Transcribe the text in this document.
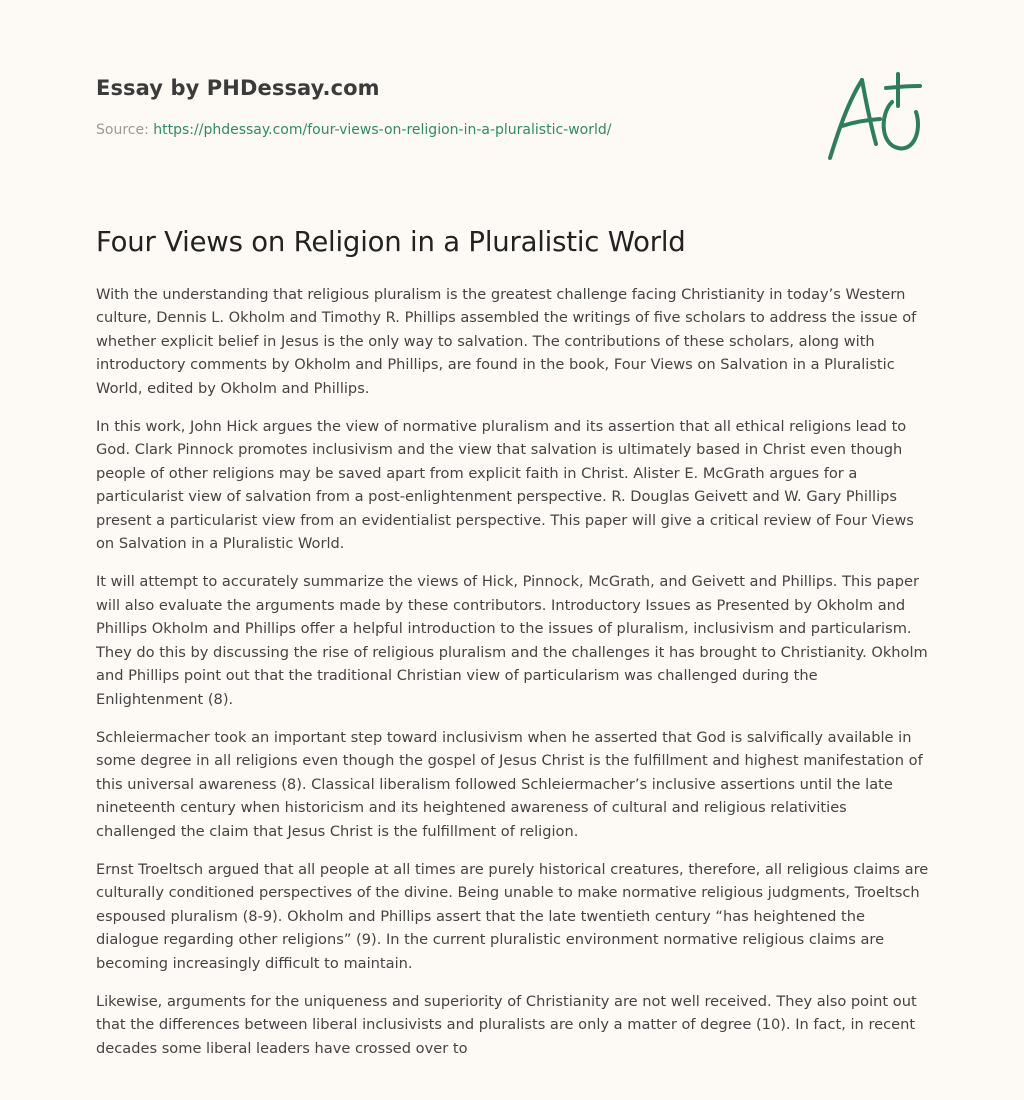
Essay by PHDessay.com
Source: https://phdessay.com/four-views-on-religion-in-a-pluralistic-world/
Four Views on Religion in a Pluralistic World

With the understanding that religious pluralism is the greatest challenge facing Christianity in today’s Western culture, Dennis L. Okholm and Timothy R. Phillips assembled the writings of five scholars to address the issue of whether explicit belief in Jesus is the only way to salvation. The contributions of these scholars, along with introductory comments by Okholm and Phillips, are found in the book, Four Views on Salvation in a Pluralistic World, edited by Okholm and Phillips.

In this work, John Hick argues the view of normative pluralism and its assertion that all ethical religions lead to God. Clark Pinnock promotes inclusivism and the view that salvation is ultimately based in Christ even though people of other religions may be saved apart from explicit faith in Christ. Alister E. McGrath argues for a particularist view of salvation from a post-enlightenment perspective. R. Douglas Geivett and W. Gary Phillips present a particularist view from an evidentialist perspective. This paper will give a critical review of Four Views on Salvation in a Pluralistic World.

It will attempt to accurately summarize the views of Hick, Pinnock, McGrath, and Geivett and Phillips. This paper will also evaluate the arguments made by these contributors. Introductory Issues as Presented by Okholm and Phillips Okholm and Phillips offer a helpful introduction to the issues of pluralism, inclusivism and particularism. They do this by discussing the rise of religious pluralism and the challenges it has brought to Christianity. Okholm and Phillips point out that the traditional Christian view of particularism was challenged during the Enlightenment (8).

Schleiermacher took an important step toward inclusivism when he asserted that God is salvifically available in some degree in all religions even though the gospel of Jesus Christ is the fulfillment and highest manifestation of this universal awareness (8). Classical liberalism followed Schleiermacher’s inclusive assertions until the late nineteenth century when historicism and its heightened awareness of cultural and religious relativities challenged the claim that Jesus Christ is the fulfillment of religion.

Ernst Troeltsch argued that all people at all times are purely historical creatures, therefore, all religious claims are culturally conditioned perspectives of the divine. Being unable to make normative religious judgments, Troeltsch espoused pluralism (8-9). Okholm and Phillips assert that the late twentieth century “has heightened the dialogue regarding other religions” (9). In the current pluralistic environment normative religious claims are becoming increasingly difficult to maintain.

Likewise, arguments for the uniqueness and superiority of Christianity are not well received. They also point out that the differences between liberal inclusivists and pluralists are only a matter of degree (10). In fact, in recent decades some liberal leaders have crossed over to
